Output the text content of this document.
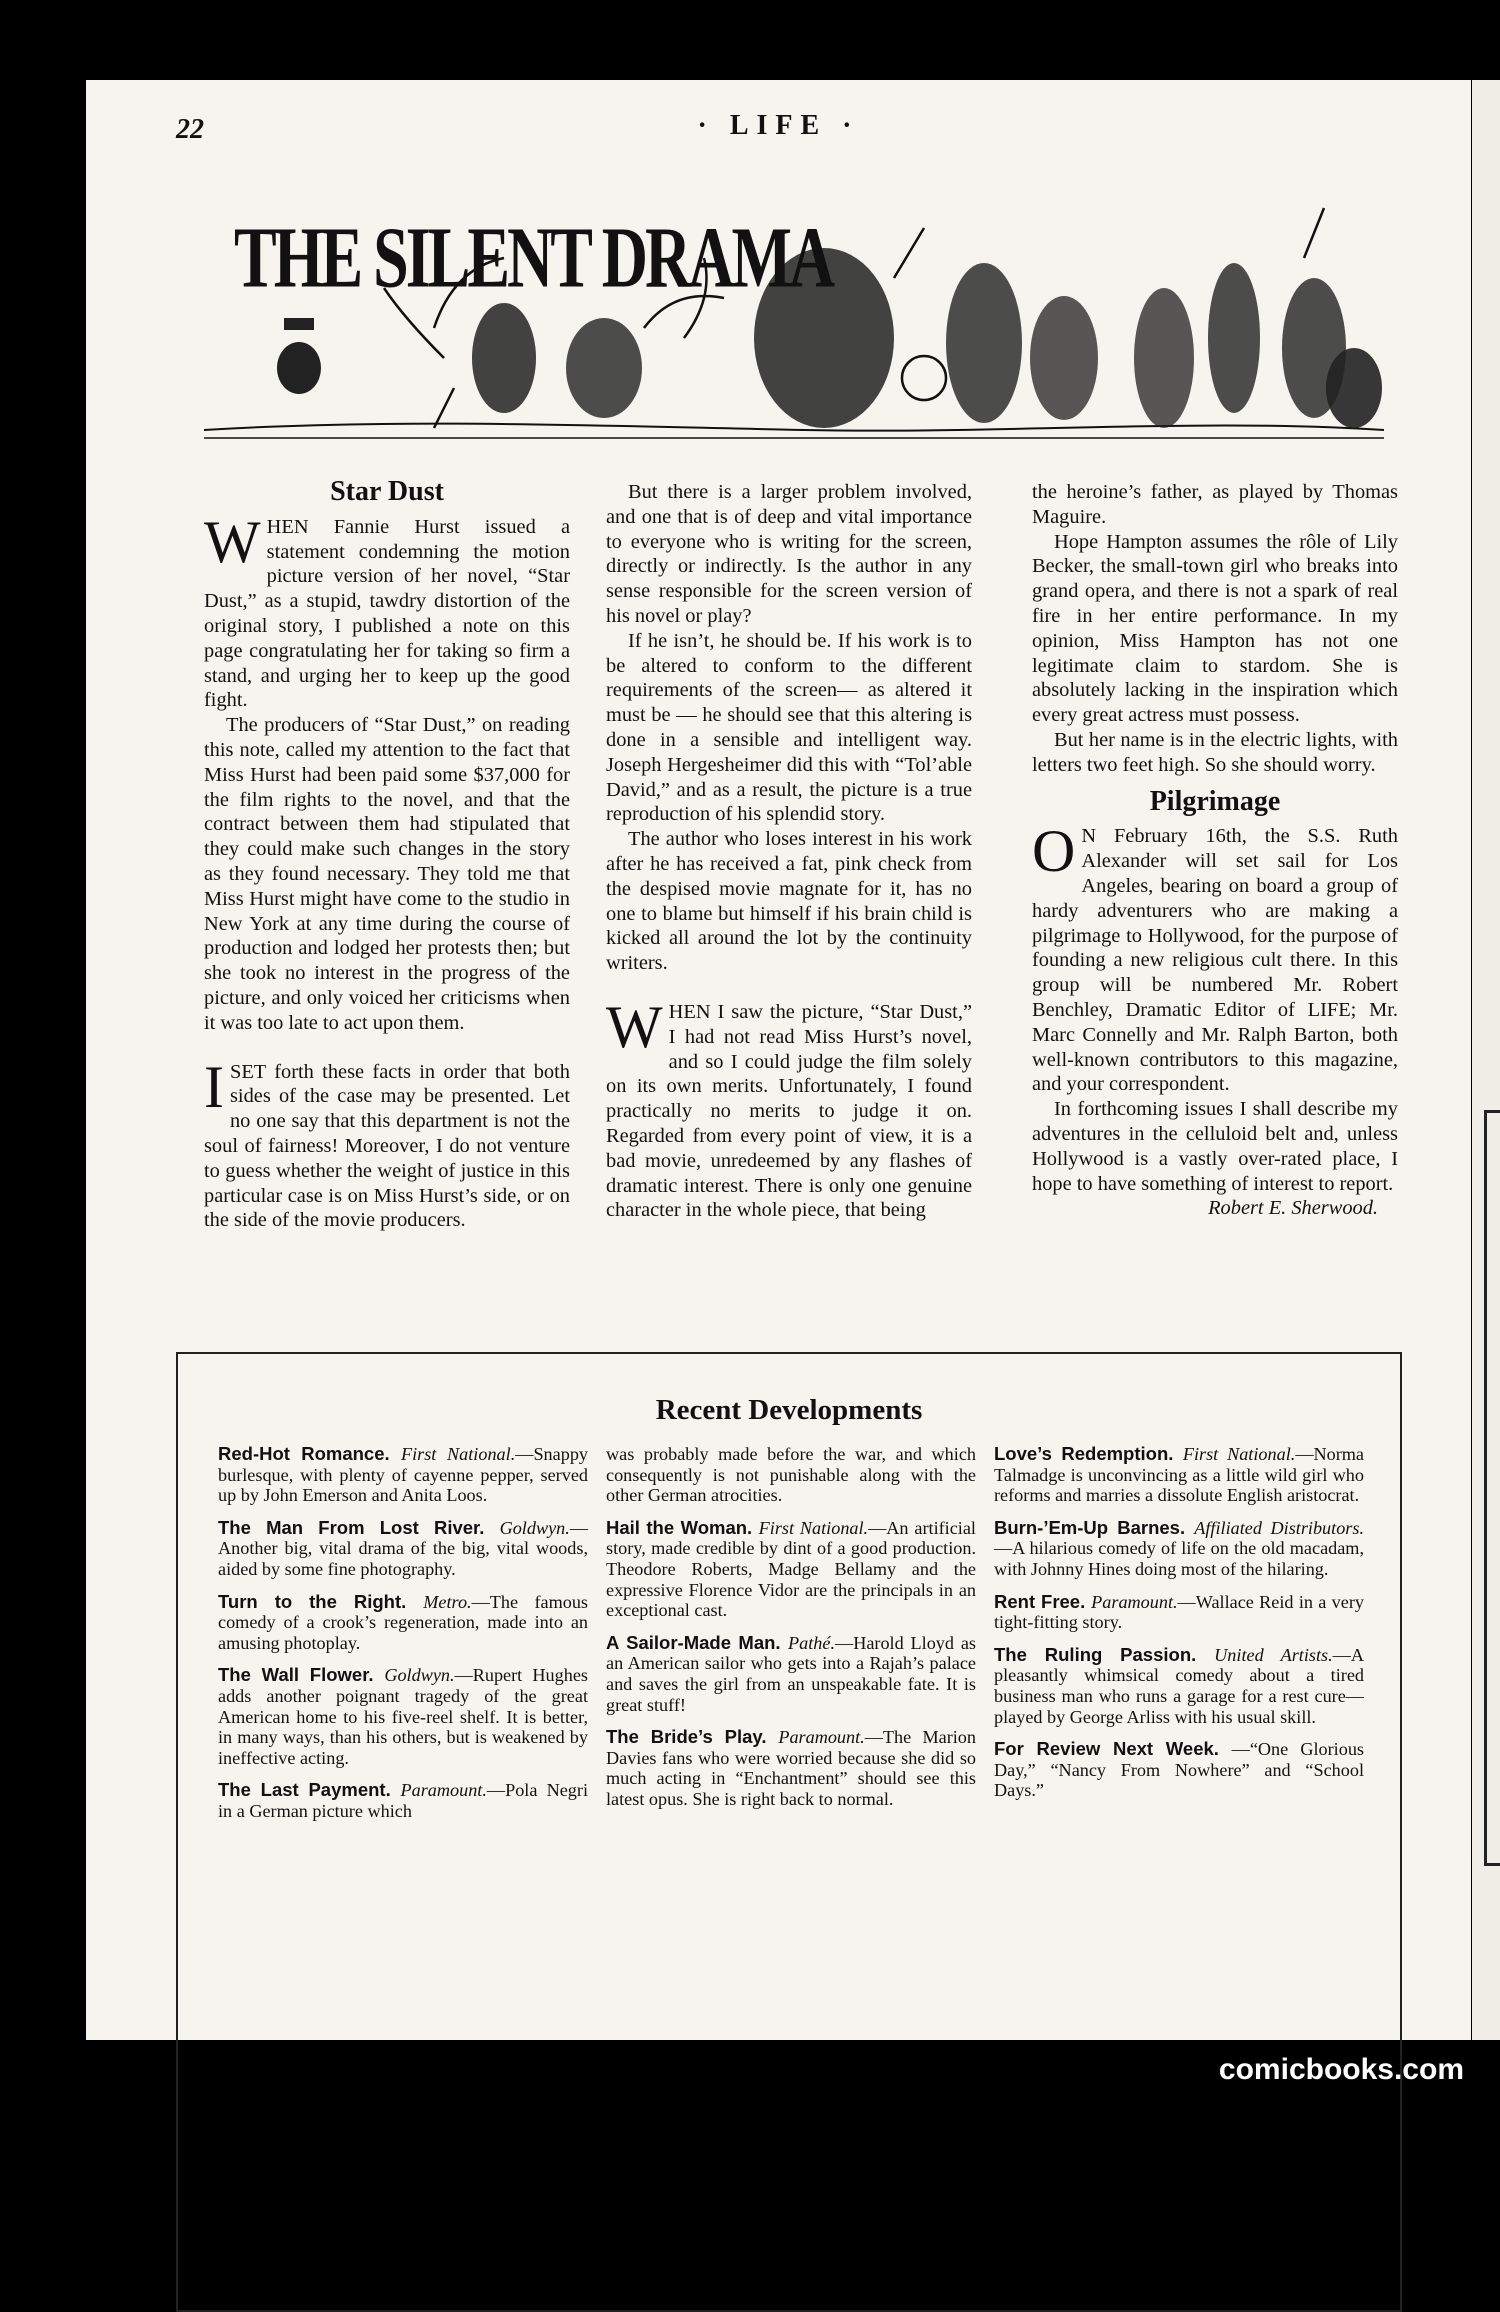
22	· LIFE ·
THE SILENT DRAMA
Star Dust

WHEN Fannie Hurst issued a statement condemning the motion picture version of her novel, “Star Dust,” as a stupid, tawdry distortion of the original story, I published a note on this page congratulating her for taking so firm a stand, and urging her to keep up the good fight.

The producers of “Star Dust,” on reading this note, called my attention to the fact that Miss Hurst had been paid some $37,000 for the film rights to the novel, and that the contract between them had stipulated that they could make such changes in the story as they found necessary. They told me that Miss Hurst might have come to the studio in New York at any time during the course of production and lodged her protests then; but she took no interest in the progress of the picture, and only voiced her criticisms when it was too late to act upon them.

ISET forth these facts in order that both sides of the case may be presented. Let no one say that this department is not the soul of fairness! Moreover, I do not venture to guess whether the weight of justice in this particular case is on Miss Hurst’s side, or on the side of the movie producers.

But there is a larger problem involved, and one that is of deep and vital importance to everyone who is writing for the screen, directly or indirectly. Is the author in any sense responsible for the screen version of his novel or play?

If he isn’t, he should be. If his work is to be altered to conform to the different requirements of the screen— as altered it must be — he should see that this altering is done in a sensible and intelligent way. Joseph Hergesheimer did this with “Tol’able David,” and as a result, the picture is a true reproduction of his splendid story.

The author who loses interest in his work after he has received a fat, pink check from the despised movie magnate for it, has no one to blame but himself if his brain child is kicked all around the lot by the continuity writers.

WHEN I saw the picture, “Star Dust,” I had not read Miss Hurst’s novel, and so I could judge the film solely on its own merits. Unfortunately, I found practically no merits to judge it on. Regarded from every point of view, it is a bad movie, unredeemed by any flashes of dramatic interest. There is only one genuine character in the whole piece, that being

the heroine’s father, as played by Thomas Maguire.

Hope Hampton assumes the rôle of Lily Becker, the small-town girl who breaks into grand opera, and there is not a spark of real fire in her entire performance. In my opinion, Miss Hampton has not one legitimate claim to stardom. She is absolutely lacking in the inspiration which every great actress must possess.

But her name is in the electric lights, with letters two feet high. So she should worry.

Pilgrimage

O N February 16th, the S.S. Ruth Alexander will set sail for Los Angeles, bearing on board a group of hardy adventurers who are making a pilgrimage to Hollywood, for the purpose of founding a new religious cult there. In this group will be numbered Mr. Robert Benchley, Dramatic Editor of LIFE; Mr. Marc Connelly and Mr. Ralph Barton, both well-known contributors to this magazine, and your correspondent.

In forthcoming issues I shall describe my adventures in the celluloid belt and, unless Hollywood is a vastly over-rated place, I hope to have something of interest to report.

Robert E. Sherwood.

Recent Developments
Red-Hot Romance. First National.—Snappy burlesque, with plenty of cayenne pepper, served up by John Emerson and Anita Loos.
The Man From Lost River. Goldwyn.—Another big, vital drama of the big, vital woods, aided by some fine photography.
Turn to the Right. Metro.—The famous comedy of a crook’s regeneration, made into an amusing photoplay.
The Wall Flower. Goldwyn.—Rupert Hughes adds another poignant tragedy of the great American home to his five-reel shelf. It is better, in many ways, than his others, but is weakened by ineffective acting.
The Last Payment. Paramount.—Pola Negri in a German picture which
was probably made before the war, and which consequently is not punishable along with the other German atrocities.
Hail the Woman. First National.—An artificial story, made credible by dint of a good production. Theodore Roberts, Madge Bellamy and the expressive Florence Vidor are the principals in an exceptional cast.
A Sailor-Made Man. Pathé.—Harold Lloyd as an American sailor who gets into a Rajah’s palace and saves the girl from an unspeakable fate. It is great stuff!
The Bride’s Play. Paramount.—The Marion Davies fans who were worried because she did so much acting in “Enchantment” should see this latest opus. She is right back to normal.
Love’s Redemption. First National.—Norma Talmadge is unconvincing as a little wild girl who reforms and marries a dissolute English aristocrat.
Burn-’Em-Up Barnes. Affiliated Distributors.—A hilarious comedy of life on the old macadam, with Johnny Hines doing most of the hilaring.
Rent Free. Paramount.—Wallace Reid in a very tight-fitting story.
The Ruling Passion. United Artists.—A pleasantly whimsical comedy about a tired business man who runs a garage for a rest cure—played by George Arliss with his usual skill.
For Review Next Week. —“One Glorious Day,” “Nancy From Nowhere” and “School Days.”
comicbooks.com
